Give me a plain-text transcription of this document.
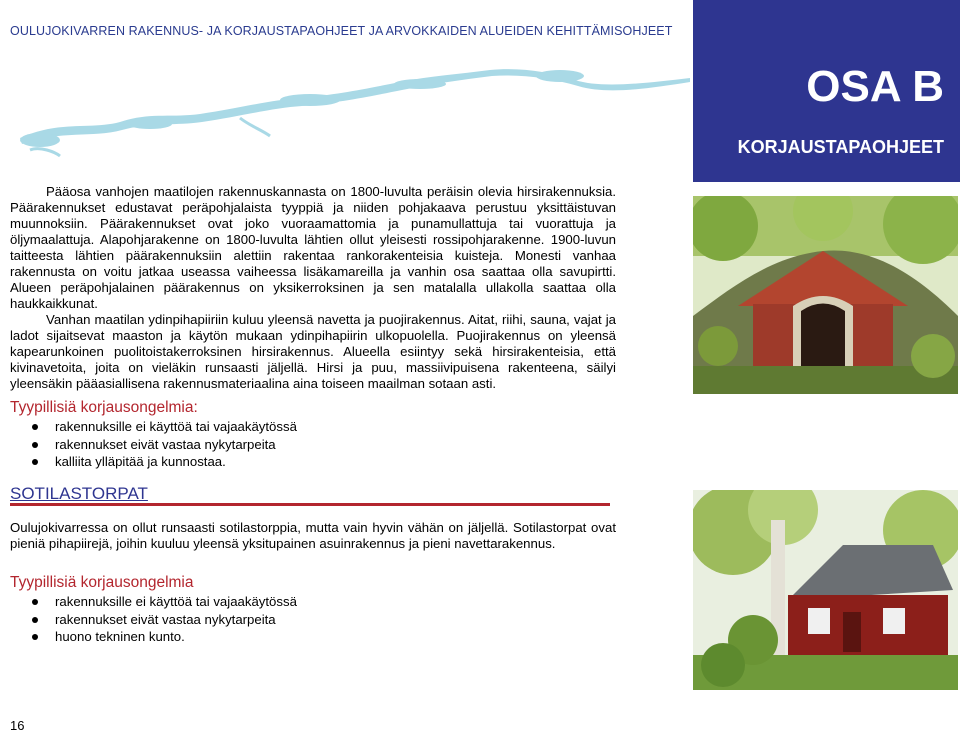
OULUJOKIVARREN RAKENNUS- JA KORJAUSTAPAOHJEET JA ARVOKKAIDEN ALUEIDEN KEHITTÄMISOHJEET
OSA B
KORJAUSTAPAOHJEET

Pääosa vanhojen maatilojen rakennuskannasta on 1800-luvulta peräisin olevia hirsirakennuksia. Päärakennukset edustavat peräpohjalaista tyyppiä ja niiden pohjakaava perustuu yksittäistuvan muunnoksiin. Päärakennukset ovat joko vuoraamattomia ja punamullattuja tai vuorattuja ja öljymaalattuja. Alapohjarakenne on 1800-luvulta lähtien ollut yleisesti rossipohjarakenne. 1900-luvun taitteesta lähtien päärakennuksiin alettiin rakentaa rankorakenteisia kuisteja. Monesti vanhaa rakennusta on voitu jatkaa useassa vaiheessa lisäkamareilla ja vanhin osa saattaa olla savupirtti. Alueen peräpohjalainen päärakennus on yksikerroksinen ja sen matalalla ullakolla saattaa olla haukkaikkunat.

Vanhan maatilan ydinpihapiiriin kuluu yleensä navetta ja puojirakennus. Aitat, riihi, sauna, vajat ja ladot sijaitsevat maaston ja käytön mukaan ydinpihapiirin ulkopuolella. Puojirakennus on yleensä kapearunkoinen puolitoistakerroksinen hirsirakennus. Alueella esiintyy sekä hirsirakenteisia, että kivinavetoita, joita on vieläkin runsaasti jäljellä. Hirsi ja puu, massiivipuisena rakenteena, säilyi yleensäkin pääasiallisena rakennusmateriaalina aina toiseen maailman sotaan asti.

Tyypillisiä korjausongelmia:
rakennuksille ei käyttöä tai vajaakäytössä
rakennukset eivät vastaa nykytarpeita
kalliita ylläpitää ja kunnostaa.
SOTILASTORPAT

Oulujokivarressa on ollut runsaasti sotilastorppia, mutta vain hyvin vähän on jäljellä. Sotilastorpat ovat pieniä pihapiirejä, joihin kuuluu yleensä yksitupainen asuinrakennus ja pieni navettarakennus.

Tyypillisiä korjausongelmia
rakennuksille ei käyttöä tai vajaakäytössä
rakennukset eivät vastaa nykytarpeita
huono tekninen kunto.
16
